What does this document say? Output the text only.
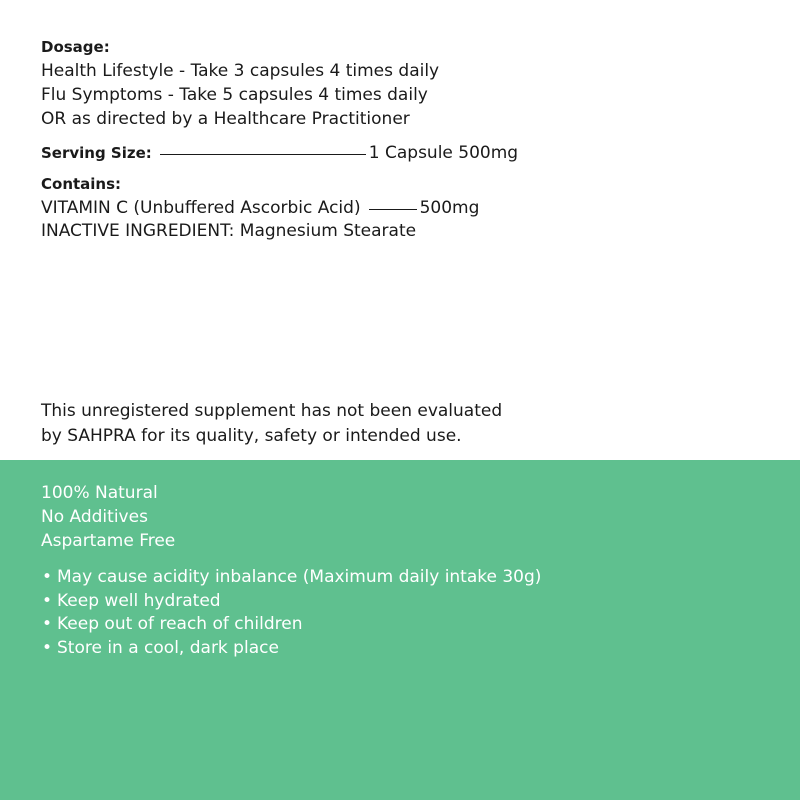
Dosage:
Health Lifestyle - Take 3 capsules 4 times daily
Flu Symptoms - Take 5 capsules 4 times daily
OR as directed by a Healthcare Practitioner
Serving Size:	1 Capsule 500mg
Contains:
VITAMIN C (Unbuffered Ascorbic Acid)	500mg
INACTIVE INGREDIENT: Magnesium Stearate
This unregistered supplement has not been evaluated
by SAHPRA for its quality, safety or intended use.
100% Natural
No Additives
Aspartame Free
• May cause acidity inbalance (Maximum daily intake 30g)
• Keep well hydrated
• Keep out of reach of children
• Store in a cool, dark place
